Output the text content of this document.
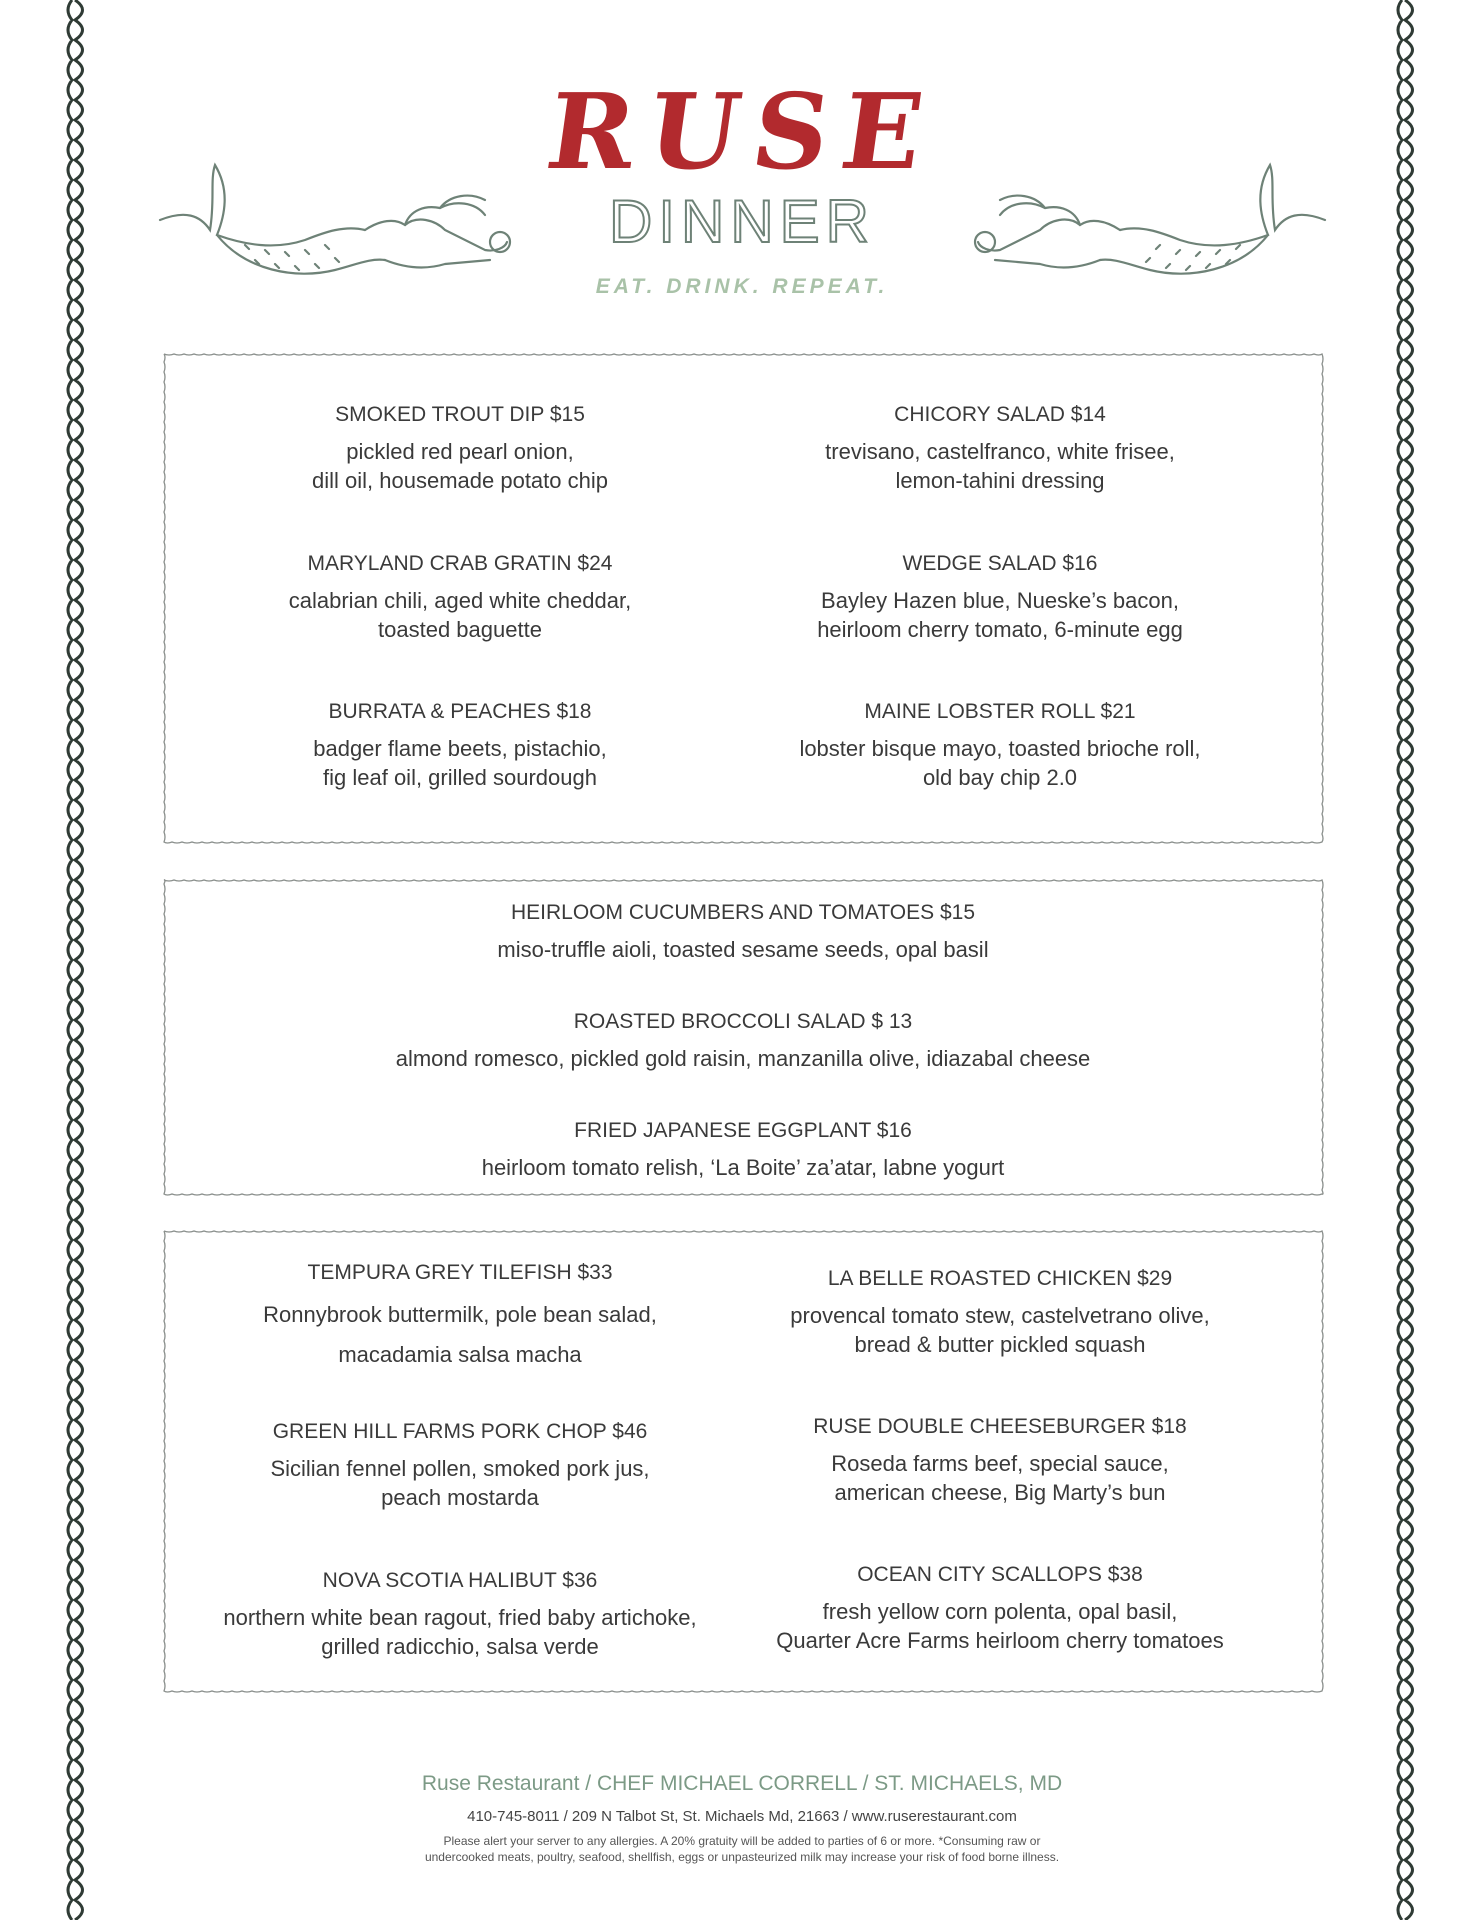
RUSE
DINNER
EAT. DRINK. REPEAT.
SMOKED TROUT DIP $15
pickled red pearl onion,
dill oil, housemade potato chip
MARYLAND CRAB GRATIN $24
calabrian chili, aged white cheddar,
toasted baguette
BURRATA & PEACHES $18
badger flame beets, pistachio,
fig leaf oil, grilled sourdough
CHICORY SALAD $14
trevisano, castelfranco, white frisee,
lemon-tahini dressing
WEDGE SALAD $16
Bayley Hazen blue, Nueske’s bacon,
heirloom cherry tomato, 6-minute egg
MAINE LOBSTER ROLL $21
lobster bisque mayo, toasted brioche roll,
old bay chip 2.0
HEIRLOOM CUCUMBERS AND TOMATOES $15
miso-truffle aioli, toasted sesame seeds, opal basil
ROASTED BROCCOLI SALAD $ 13
almond romesco, pickled gold raisin, manzanilla olive, idiazabal cheese
FRIED JAPANESE EGGPLANT $16
heirloom tomato relish, ‘La Boite’ za’atar, labne yogurt
TEMPURA GREY TILEFISH $33
Ronnybrook buttermilk, pole bean salad,
macadamia salsa macha
GREEN HILL FARMS PORK CHOP $46
Sicilian fennel pollen, smoked pork jus,
peach mostarda
NOVA SCOTIA HALIBUT $36
northern white bean ragout, fried baby artichoke,
grilled radicchio, salsa verde
LA BELLE ROASTED CHICKEN $29
provencal tomato stew, castelvetrano olive,
bread & butter pickled squash
RUSE DOUBLE CHEESEBURGER $18
Roseda farms beef, special sauce,
american cheese, Big Marty’s bun
OCEAN CITY SCALLOPS $38
fresh yellow corn polenta, opal basil,
Quarter Acre Farms heirloom cherry tomatoes
Ruse Restaurant / CHEF MICHAEL CORRELL / ST. MICHAELS, MD
410-745-8011 / 209 N Talbot St, St. Michaels Md, 21663 / www.ruserestaurant.com
Please alert your server to any allergies. A 20% gratuity will be added to parties of 6 or more. *Consuming raw or
undercooked meats, poultry, seafood, shellfish, eggs or unpasteurized milk may increase your risk of food borne illness.
